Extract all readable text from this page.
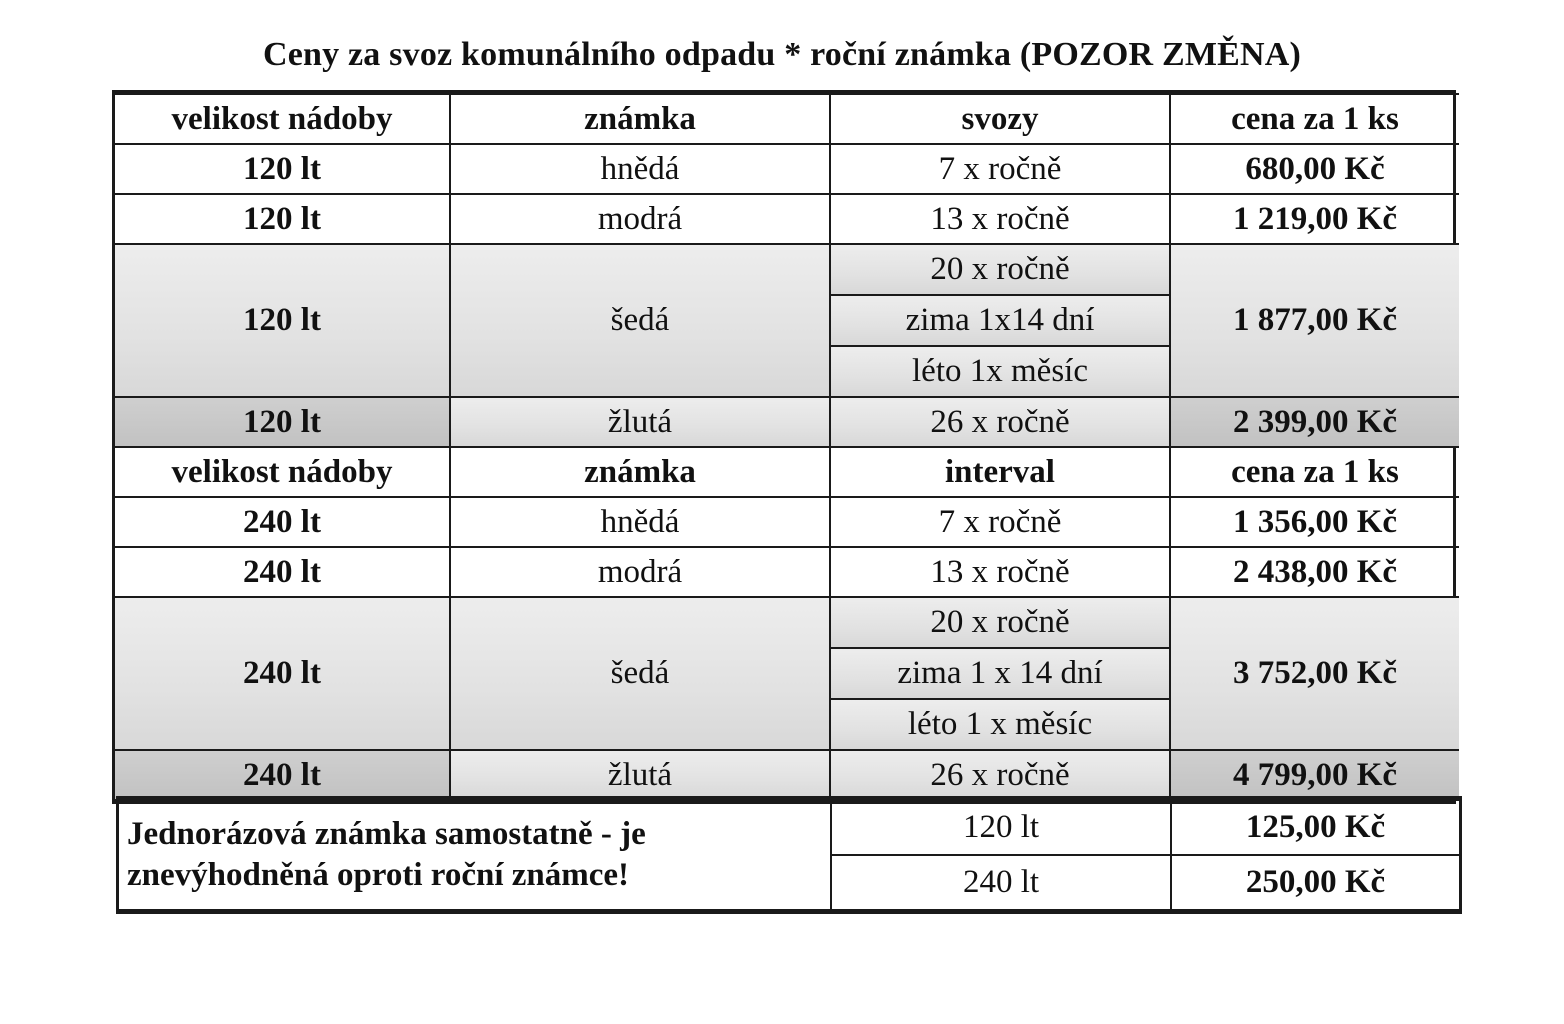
Ceny za svoz komunálního odpadu * roční známka (POZOR ZMĚNA)
velikost nádoby	známka	svozy	cena za 1 ks
120 lt	hnědá	7 x ročně	680,00 Kč
120 lt	modrá	13 x ročně	1 219,00 Kč
120 lt	šedá	20 x ročně	1 877,00 Kč
		zima 1x14 dní	
		léto 1x měsíc	
120 lt	žlutá	26 x ročně	2 399,00 Kč
velikost nádoby	známka	interval	cena za 1 ks
240 lt	hnědá	7 x ročně	1 356,00 Kč
240 lt	modrá	13 x ročně	2 438,00 Kč
240 lt	šedá	20 x ročně	3 752,00 Kč
		zima 1 x 14 dní	
		léto 1 x měsíc	
240 lt	žlutá	26 x ročně	4 799,00 Kč
Jednorázová známka samostatně - je
znevýhodněná oproti roční známce!	120 lt	125,00 Kč
	240 lt	250,00 Kč
